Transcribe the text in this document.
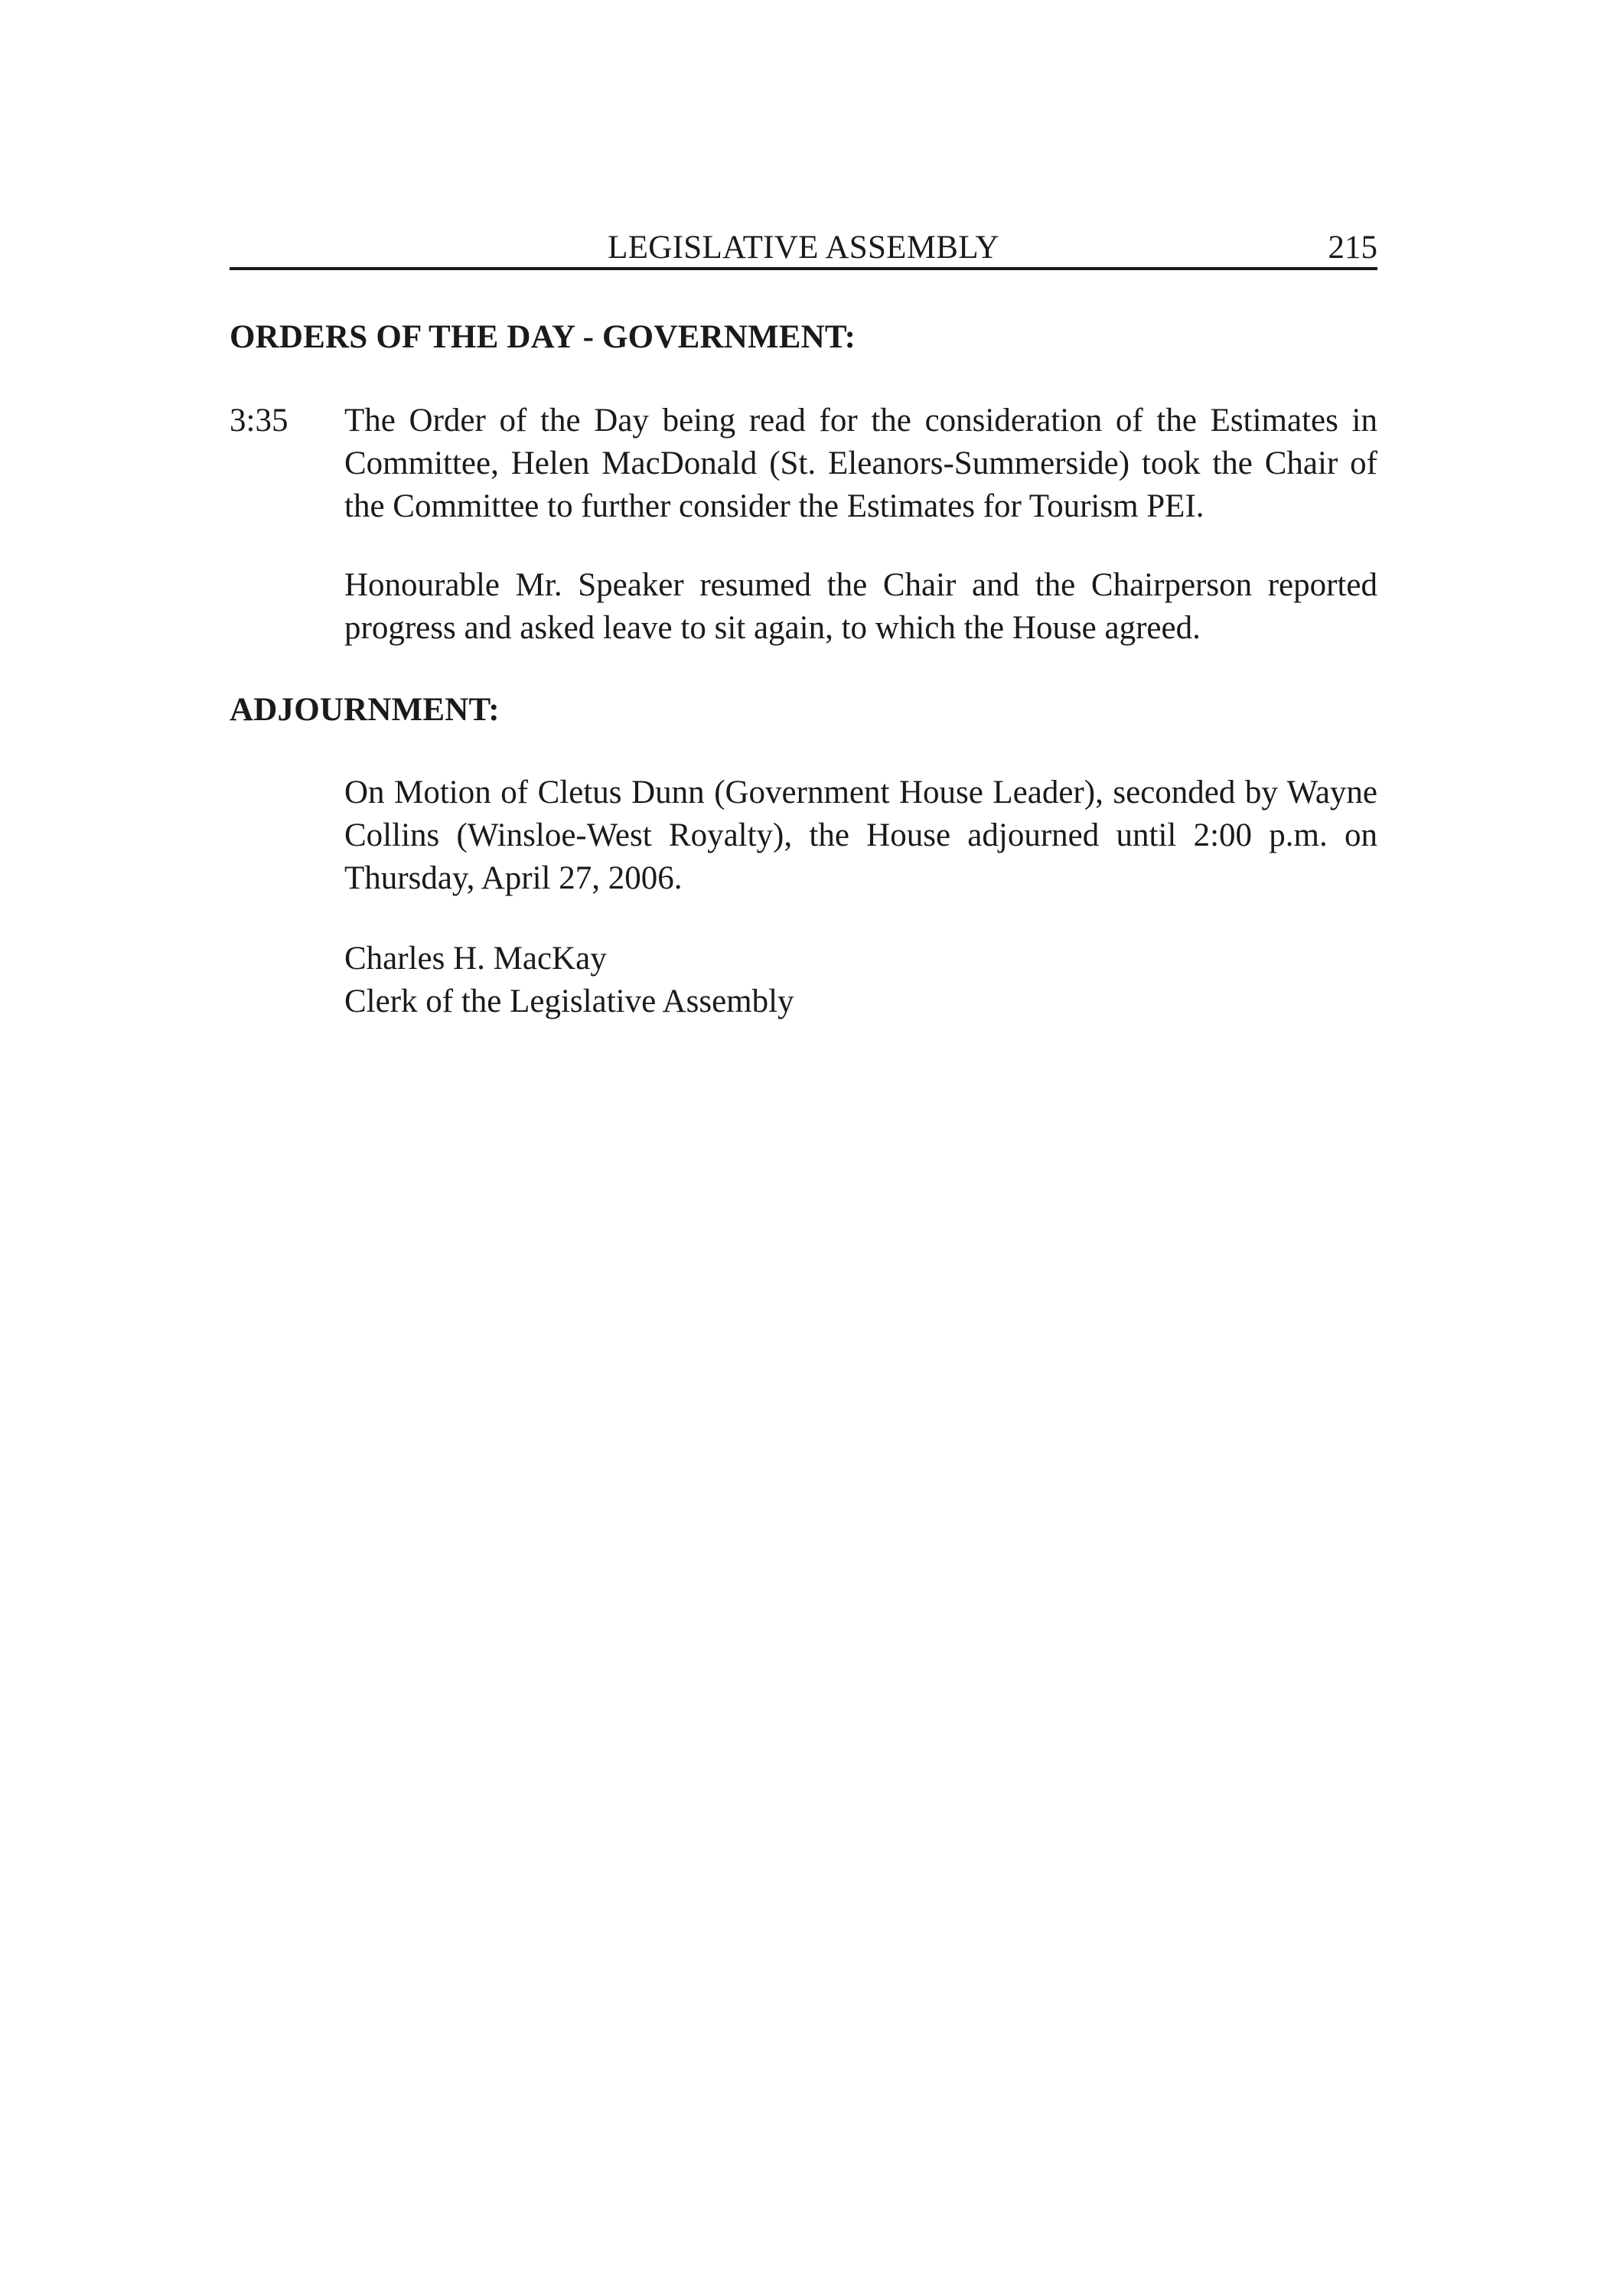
LEGISLATIVE ASSEMBLY	215
ORDERS OF THE DAY - GOVERNMENT:
3:35 The Order of the Day being read for the consideration of the Estimates in Committee, Helen MacDonald (St. Eleanors-Summerside) took the Chair of the Committee to further consider the Estimates for Tourism PEI.
Honourable Mr. Speaker resumed the Chair and the Chairperson reported progress and asked leave to sit again, to which the House agreed.
ADJOURNMENT:
On Motion of Cletus Dunn (Government House Leader), seconded by Wayne Collins (Winsloe-West Royalty), the House adjourned until 2:00 p.m. on Thursday, April 27, 2006.
Charles H. MacKay
Clerk of the Legislative Assembly
